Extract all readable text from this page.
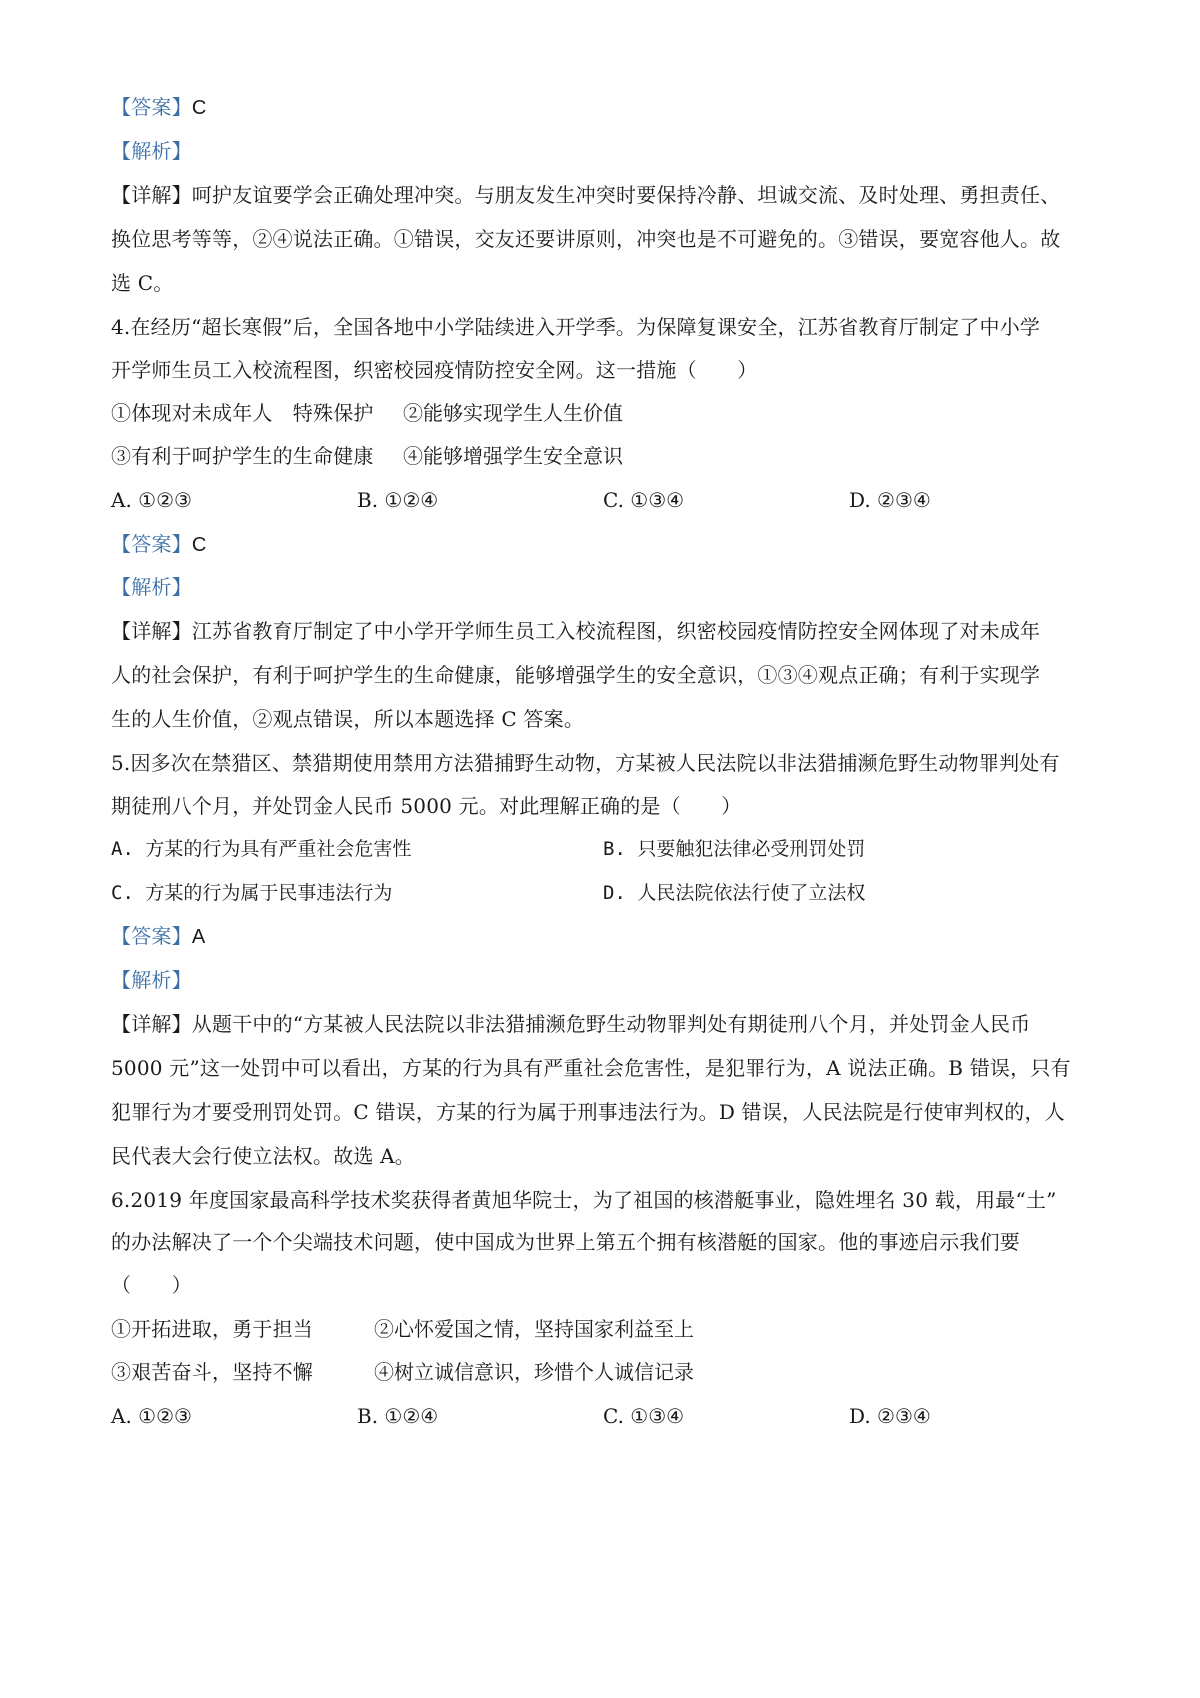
【答案】C
【解析】
【详解】呵护友谊要学会正确处理冲突。与朋友发生冲突时要保持冷静、坦诚交流、及时处理、勇担责任、
换位思考等等，②④说法正确。①错误，交友还要讲原则，冲突也是不可避免的。③错误，要宽容他人。故
选 C。
4.在经历“超长寒假”后，全国各地中小学陆续进入开学季。为保障复课安全，江苏省教育厅制定了中小学
开学师生员工入校流程图，织密校园疫情防控安全网。这一措施（　　）
①体现对未成年人　特殊保护 ②能够实现学生人生价值
③有利于呵护学生的生命健康 ④能够增强学生安全意识
A. ①②③	B. ①②④	C. ①③④	D. ②③④
【答案】C
【解析】
【详解】江苏省教育厅制定了中小学开学师生员工入校流程图，织密校园疫情防控安全网体现了对未成年
人的社会保护，有利于呵护学生的生命健康，能够增强学生的安全意识，①③④观点正确；有利于实现学
生的人生价值，②观点错误，所以本题选择 C 答案。
5.因多次在禁猎区、禁猎期使用禁用方法猎捕野生动物，方某被人民法院以非法猎捕濒危野生动物罪判处有
期徒刑八个月，并处罚金人民币 5000 元。对此理解正确的是（　　）
A. 方某的行为具有严重社会危害性	B. 只要触犯法律必受刑罚处罚
C. 方某的行为属于民事违法行为	D. 人民法院依法行使了立法权
【答案】A
【解析】
【详解】从题干中的“方某被人民法院以非法猎捕濒危野生动物罪判处有期徒刑八个月，并处罚金人民币
5000 元”这一处罚中可以看出，方某的行为具有严重社会危害性，是犯罪行为，A 说法正确。B 错误，只有
犯罪行为才要受刑罚处罚。C 错误，方某的行为属于刑事违法行为。D 错误，人民法院是行使审判权的，人
民代表大会行使立法权。故选 A。
6.2019 年度国家最高科学技术奖获得者黄旭华院士，为了祖国的核潜艇事业，隐姓埋名 30 载，用最“土”
的办法解决了一个个尖端技术问题，使中国成为世界上第五个拥有核潜艇的国家。他的事迹启示我们要
（　　）
①开拓进取，勇于担当	②心怀爱国之情，坚持国家利益至上
③艰苦奋斗，坚持不懈	④树立诚信意识，珍惜个人诚信记录
A. ①②③	B. ①②④	C. ①③④	D. ②③④
